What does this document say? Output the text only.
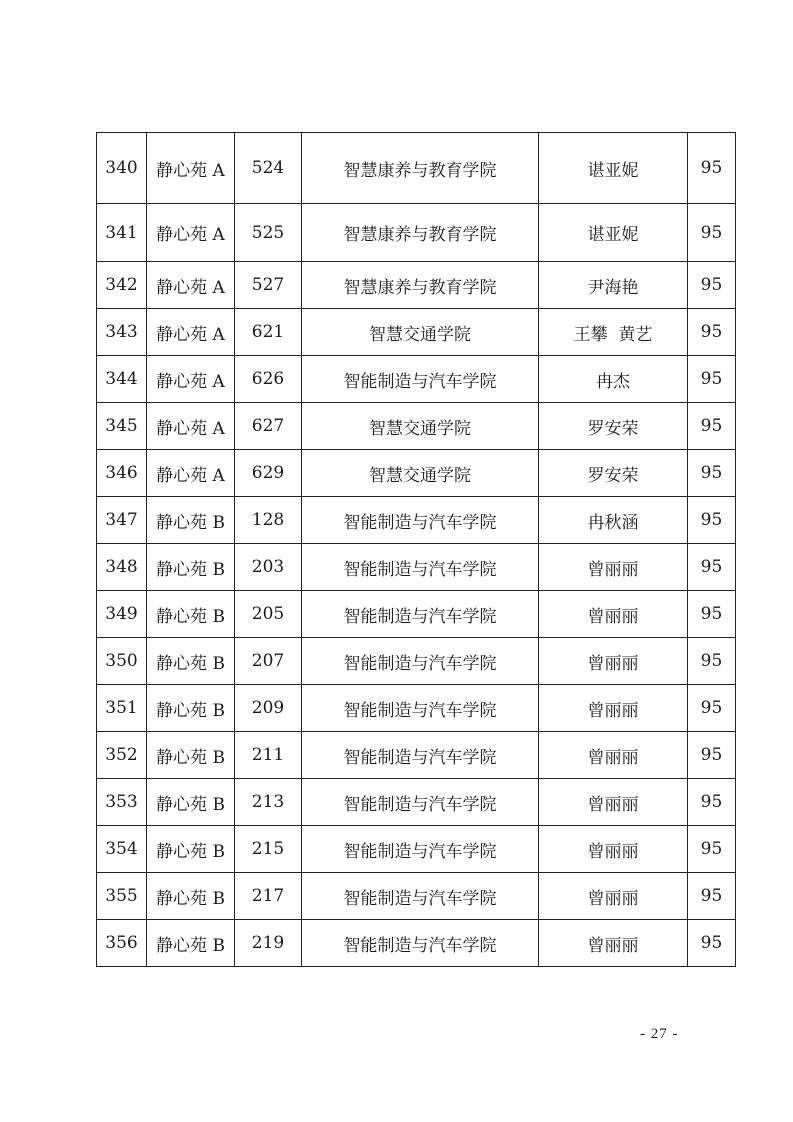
340	静心苑 A	524	智慧康养与教育学院	谌亚妮	95
341	静心苑 A	525	智慧康养与教育学院	谌亚妮	95
342	静心苑 A	527	智慧康养与教育学院	尹海艳	95
343	静心苑 A	621	智慧交通学院	王攀  黄艺	95
344	静心苑 A	626	智能制造与汽车学院	冉杰	95
345	静心苑 A	627	智慧交通学院	罗安荣	95
346	静心苑 A	629	智慧交通学院	罗安荣	95
347	静心苑 B	128	智能制造与汽车学院	冉秋涵	95
348	静心苑 B	203	智能制造与汽车学院	曾丽丽	95
349	静心苑 B	205	智能制造与汽车学院	曾丽丽	95
350	静心苑 B	207	智能制造与汽车学院	曾丽丽	95
351	静心苑 B	209	智能制造与汽车学院	曾丽丽	95
352	静心苑 B	211	智能制造与汽车学院	曾丽丽	95
353	静心苑 B	213	智能制造与汽车学院	曾丽丽	95
354	静心苑 B	215	智能制造与汽车学院	曾丽丽	95
355	静心苑 B	217	智能制造与汽车学院	曾丽丽	95
356	静心苑 B	219	智能制造与汽车学院	曾丽丽	95
- 27 -
